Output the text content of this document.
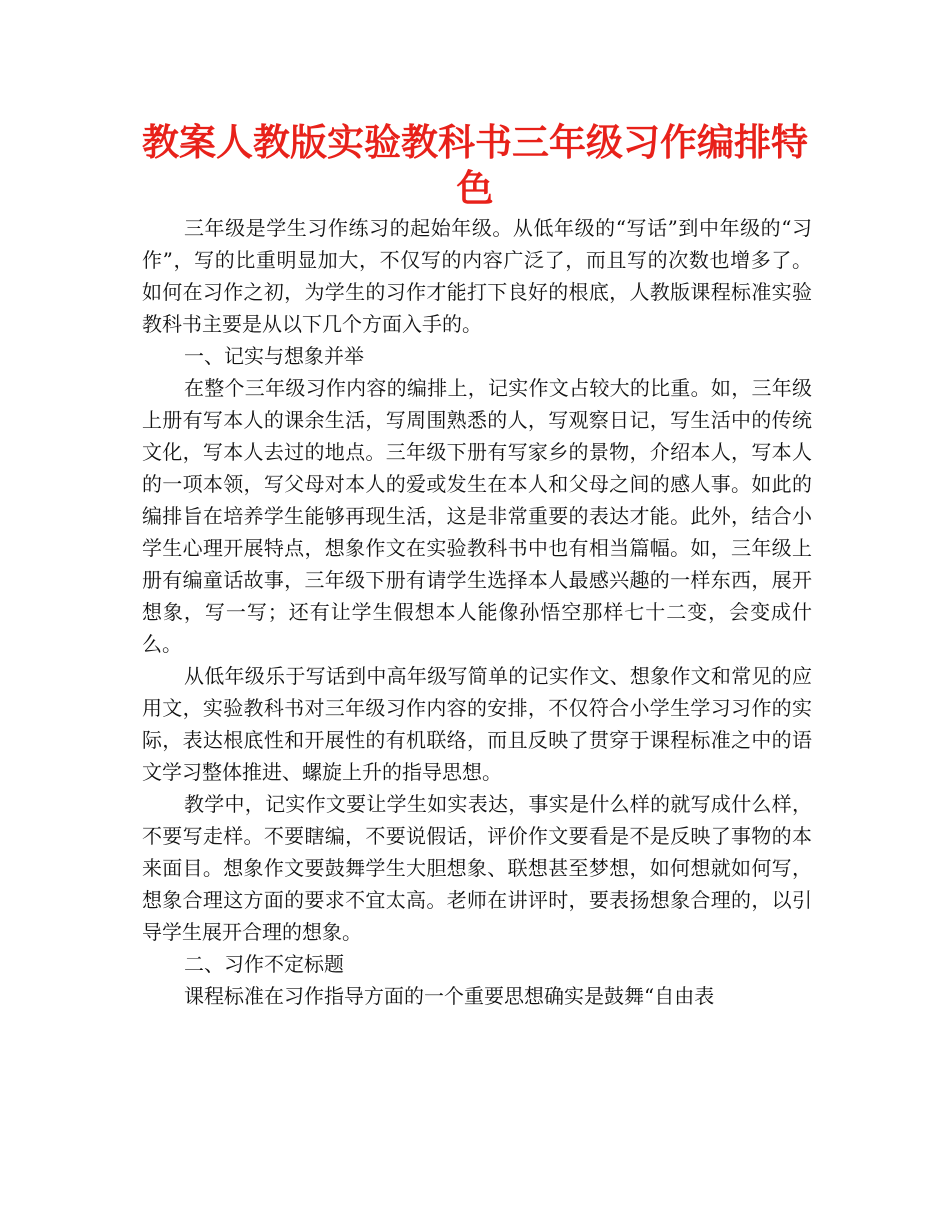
教案人教版实验教科书三年级习作编排特色

三年级是学生习作练习的起始年级。从低年级的“写话”到中年级的“习作”，写的比重明显加大，不仅写的内容广泛了，而且写的次数也增多了。如何在习作之初，为学生的习作才能打下良好的根底，人教版课程标准实验教科书主要是从以下几个方面入手的。

一、记实与想象并举

在整个三年级习作内容的编排上，记实作文占较大的比重。如，三年级上册有写本人的课余生活，写周围熟悉的人，写观察日记，写生活中的传统文化，写本人去过的地点。三年级下册有写家乡的景物，介绍本人，写本人的一项本领，写父母对本人的爱或发生在本人和父母之间的感人事。如此的编排旨在培养学生能够再现生活，这是非常重要的表达才能。此外，结合小学生心理开展特点，想象作文在实验教科书中也有相当篇幅。如，三年级上册有编童话故事，三年级下册有请学生选择本人最感兴趣的一样东西，展开想象，写一写；还有让学生假想本人能像孙悟空那样七十二变，会变成什么。

从低年级乐于写话到中高年级写简单的记实作文、想象作文和常见的应用文，实验教科书对三年级习作内容的安排，不仅符合小学生学习习作的实际，表达根底性和开展性的有机联络，而且反映了贯穿于课程标准之中的语文学习整体推进、螺旋上升的指导思想。

教学中，记实作文要让学生如实表达，事实是什么样的就写成什么样，不要写走样。不要瞎编，不要说假话，评价作文要看是不是反映了事物的本来面目。想象作文要鼓舞学生大胆想象、联想甚至梦想，如何想就如何写，想象合理这方面的要求不宜太高。老师在讲评时，要表扬想象合理的，以引导学生展开合理的想象。

二、习作不定标题

课程标准在习作指导方面的一个重要思想确实是鼓舞“自由表
